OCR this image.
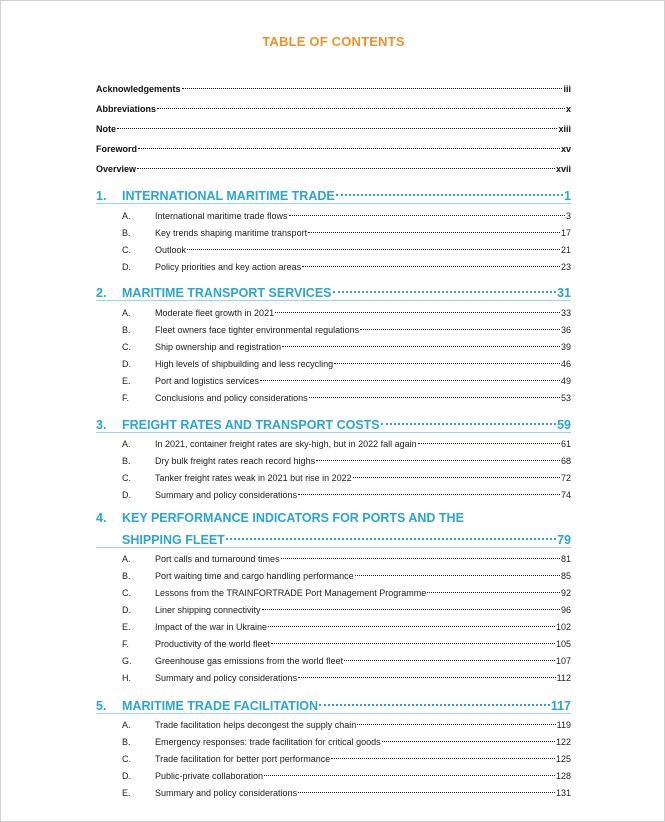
TABLE OF CONTENTS
Acknowledgements	iii
Abbreviations	x
Note	xiii
Foreword	xv
Overview	xvii
1.	INTERNATIONAL MARITIME TRADE	1
A.	International maritime trade flows	3
B.	Key trends shaping maritime transport	17
C.	Outlook	21
D.	Policy priorities and key action areas	23
2.	MARITIME TRANSPORT SERVICES	31
A.	Moderate fleet growth in 2021	33
B.	Fleet owners face tighter environmental regulations	36
C.	Ship ownership and registration	39
D.	High levels of shipbuilding and less recycling	46
E.	Port and logistics services	49
F.	Conclusions and policy considerations	53
3.	FREIGHT RATES AND TRANSPORT COSTS	59
A.	In 2021, container freight rates are sky-high, but in 2022 fall again	61
B.	Dry bulk freight rates reach record highs	68
C.	Tanker freight rates weak in 2021 but rise in 2022	72
D.	Summary and policy considerations	74
4.	KEY PERFORMANCE INDICATORS FOR PORTS AND THE
SHIPPING FLEET	79
A.	Port calls and turnaround times	81
B.	Port waiting time and cargo handling performance	85
C.	Lessons from the TRAINFORTRADE Port Management Programme	92
D.	Liner shipping connectivity	96
E.	Impact of the war in Ukraine	102
F.	Productivity of the world fleet	105
G.	Greenhouse gas emissions from the world fleet	107
H.	Summary and policy considerations	112
5.	MARITIME TRADE FACILITATION	117
A.	Trade facilitation helps decongest the supply chain	119
B.	Emergency responses: trade facilitation for critical goods	122
C.	Trade facilitation for better port performance	125
D.	Public-private collaboration	128
E.	Summary and policy considerations	131
